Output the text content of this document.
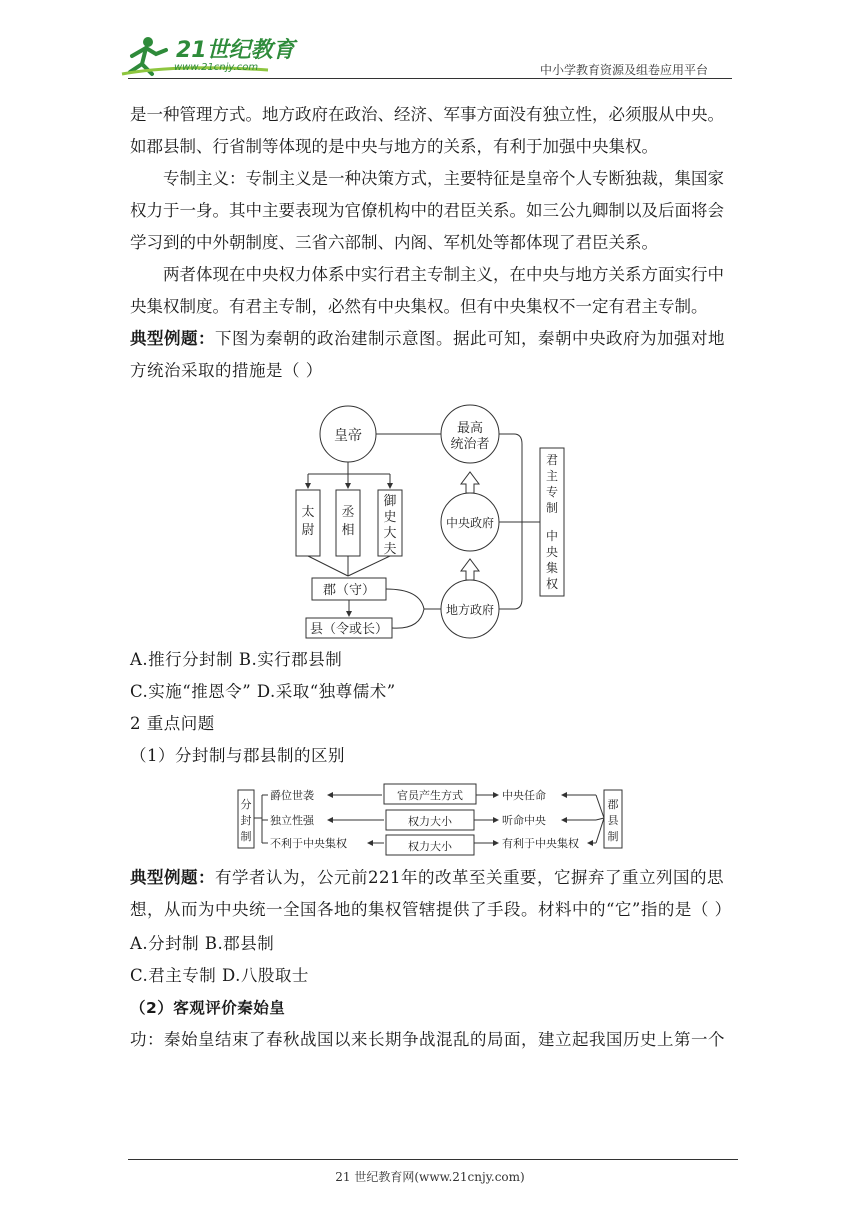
21世纪教育
www.21cnjy.com	中小学教育资源及组卷应用平台

是一种管理方式。地方政府在政治、经济、军事方面没有独立性，必须服从中央。如郡县制、行省制等体现的是中央与地方的关系，有利于加强中央集权。

专制主义：专制主义是一种决策方式，主要特征是皇帝个人专断独裁，集国家权力于一身。其中主要表现为官僚机构中的君臣关系。如三公九卿制以及后面将会学习到的中外朝制度、三省六部制、内阁、军机处等都体现了君臣关系。

两者体现在中央权力体系中实行君主专制主义，在中央与地方关系方面实行中央集权制度。有君主专制，必然有中央集权。但有中央集权不一定有君主专制。

典型例题：下图为秦朝的政治建制示意图。据此可知，秦朝中央政府为加强对地方统治采取的措施是（ ）

皇帝	最高
统治者
太
尉
丞
相
御
史
大
夫
郡（守）
县（令或长）
中央政府
地方政府
君
主
专
制
中
央
集
权

A.推行分封制 B.实行郡县制

C.实施“推恩令” D.采取“独尊儒术”

2 重点问题

（1）分封制与郡县制的区别

分
封
制
郡
县
制
爵位世袭	官员产生方式	中央任命
独立性强	权力大小	听命中央
不利于中央集权	权力大小	有利于中央集权

典型例题：有学者认为，公元前221年的改革至关重要，它摒弃了重立列国的思想，从而为中央统一全国各地的集权管辖提供了手段。材料中的“它”指的是（ ）

A.分封制 B.郡县制

C.君主专制 D.八股取士

（2）客观评价秦始皇

功：秦始皇结束了春秋战国以来长期争战混乱的局面，建立起我国历史上第一个

21 世纪教育网(www.21cnjy.com)
